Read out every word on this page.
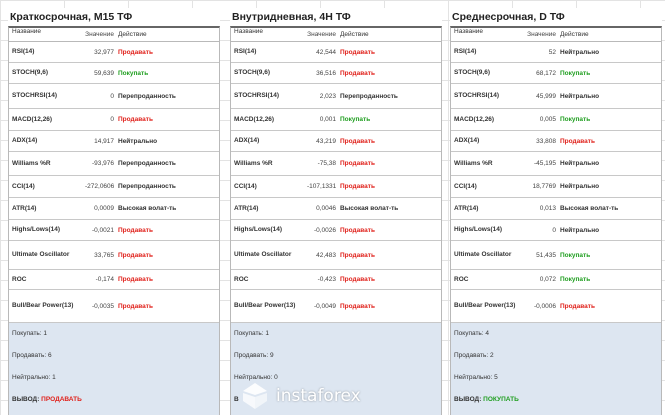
Краткосрочная, M15 ТФ
Название	Значение Действие
RSI(14)	32,977 Продавать
STOCH(9,6)	59,639 Покупать
STOCHRSI(14)	0 Перепроданность
MACD(12,26)	0 Продавать
ADX(14)	14,917 Нейтрально
Williams %R	-93,976 Перепроданность
CCI(14)	-272,0606 Перепроданность
ATR(14)	0,0009 Высокая волат-ть
Highs/Lows(14)	-0,0021 Продавать
Ultimate Oscillator	33,765 Продавать
ROC	-0,174 Продавать
Bull/Bear Power(13)	-0,0035 Продавать
Покупать: 1
Продавать: 6
Нейтрально: 1
ВЫВОД: ПРОДАВАТЬ
Внутридневная, 4H ТФ
Название	Значение Действие
RSI(14)	42,544 Продавать
STOCH(9,6)	36,516 Продавать
STOCHRSI(14)	2,023 Перепроданность
MACD(12,26)	0,001 Покупать
ADX(14)	43,219 Продавать
Williams %R	-75,38 Продавать
CCI(14)	-107,1331 Продавать
ATR(14)	0,0046 Высокая волат-ть
Highs/Lows(14)	-0,0026 Продавать
Ultimate Oscillator	42,483 Продавать
ROC	-0,423 Продавать
Bull/Bear Power(13)	-0,0049 Продавать
Покупать: 1
Продавать: 9
Нейтрально: 0
В
Среднесрочная, D ТФ
Название	Значение Действие
RSI(14)	52 Нейтрально
STOCH(9,6)	68,172 Покупать
STOCHRSI(14)	45,999 Нейтрально
MACD(12,26)	0,005 Покупать
ADX(14)	33,808 Продавать
Williams %R	-45,195 Нейтрально
CCI(14)	18,7769 Нейтрально
ATR(14)	0,013 Высокая волат-ть
Highs/Lows(14)	0 Нейтрально
Ultimate Oscillator	51,435 Покупать
ROC	0,072 Покупать
Bull/Bear Power(13)	-0,0006 Продавать
Покупать: 4
Продавать: 2
Нейтрально: 5
ВЫВОД: ПОКУПАТЬ
instaforex
